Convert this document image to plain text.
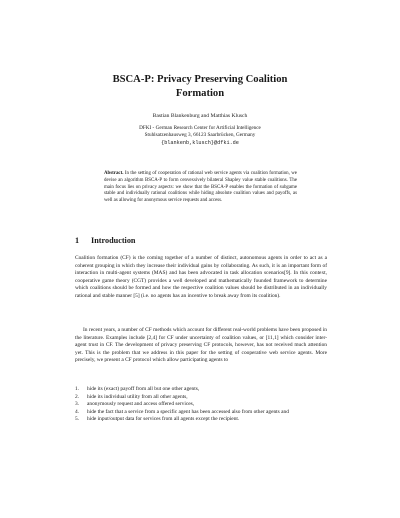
BSCA-P: Privacy Preserving Coalition
Formation
Bastian Blankenburg and Matthias Klusch
DFKI - German Research Center for Artificial Intelligence
Stuhlsatzenhausweg 3, 66123 Saarbrücken, Germany
{blankenb,klusch}@dfki.de
Abstract. In the setting of cooperation of rational web service agents via coalition formation, we devise an algorithm BSCA-P to form cenvexsively bilateral Shapley value stable coalitions. The main focus lies on privacy aspects: we show that the BSCA-P enables the formation of subgame stable and individually rational coalitions while hiding absolute coalition values and payoffs, as well as allowing for anonymous service requests and access.
1 Introduction
Coalition formation (CF) is the coming together of a number of distinct, autonomous agents in order to act as a coherent grouping in which they increase their individual gains by collaborating. As such, it is an important form of interaction in multi-agent systems (MAS) and has been advocated in task allocation scenarios[9]. In this context, cooperative game theory (CGT) provides a well developed and mathematically founded framework to determine which coalitions should be formed and how the respective coalition values should be distributed in an individually rational and stable manner [5] (i.e. no agents has an incentive to break away from its coalition).
In recent years, a number of CF methods which account for different real-world problems have been proposed in the literature. Examples include [2,4] for CF under uncertainty of coalition values, or [11,1] which consider inter-agent trust in CF. The development of privacy preserving CF protocols, however, has not received much attention yet. This is the problem that we address in this paper for the setting of cooperative web service agents. More precisely, we present a CF protocol which allow participating agents to
1.	hide its (exact) payoff from all but one other agents,
2.	hide its individual utility from all other agents,
3.	anonymously request and access offered services,
4.	hide the fact that a service from a specific agent has been accessed also from other agents and
5.	hide input/output data for services from all agents except the recipient.
